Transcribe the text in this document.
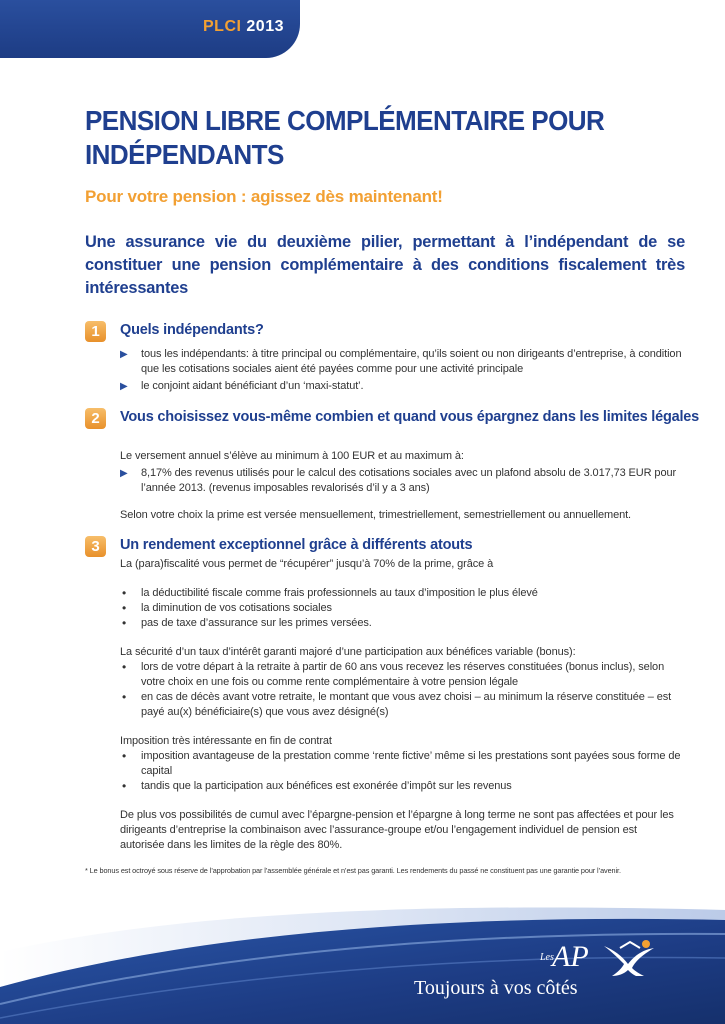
PLCI 2013
PENSION LIBRE COMPLÉMENTAIRE POUR
INDÉPENDANTS
Pour votre pension : agissez dès maintenant!
Une assurance vie du deuxième pilier, permettant à l’indépendant de se constituer une pension complémentaire à des conditions fiscalement très intéressantes
1	Quels indépendants?
▶ tous les indépendants: à titre principal ou complémentaire, qu’ils soient ou non dirigeants d’entreprise, à condition que les cotisations sociales aient été payées comme pour une activité principale
▶ le conjoint aidant bénéficiant d’un ‘maxi-statut’.
2	Vous choisissez vous-même combien et quand vous épargnez dans les limites légales

Le versement annuel s’élève au minimum à 100 EUR et au maximum à:

▶ 8,17% des revenus utilisés pour le calcul des cotisations sociales avec un plafond absolu de 3.017,73 EUR pour l’année 2013. (revenus imposables revalorisés d’il y a 3 ans)

Selon votre choix la prime est versée mensuellement, trimestriellement, semestriellement ou annuellement.

3	Un rendement exceptionnel grâce à différents atouts

La (para)fiscalité vous permet de “récupérer” jusqu’à 70% de la prime, grâce à

• la déductibilité fiscale comme frais professionnels au taux d’imposition le plus élevé
• la diminution de vos cotisations sociales
• pas de taxe d’assurance sur les primes versées.

La sécurité d’un taux d’intérêt garanti majoré d’une participation aux bénéfices variable (bonus):

• lors de votre départ à la retraite à partir de 60 ans vous recevez les réserves constituées (bonus inclus), selon votre choix en une fois ou comme rente complémentaire à votre pension légale
• en cas de décès avant votre retraite, le montant que vous avez choisi – au minimum la réserve constituée – est payé au(x) bénéficiaire(s) que vous avez désigné(s)

Imposition très intéressante en fin de contrat

• imposition avantageuse de la prestation comme ‘rente fictive’ même si les prestations sont payées sous forme de capital
• tandis que la participation aux bénéfices est exonérée d’impôt sur les revenus

De plus vos possibilités de cumul avec l’épargne-pension et l’épargne à long terme ne sont pas affectées et pour les dirigeants d’entreprise la combinaison avec l’assurance-groupe et/ou l’engagement individuel de pension est autorisée dans les limites de la règle des 80%.

* Le bonus est octroyé sous réserve de l’approbation par l’assemblée générale et n’est pas garanti. Les rendements du passé ne constituent pas une garantie pour l’avenir.
Les
AP
Toujours à vos côtés
